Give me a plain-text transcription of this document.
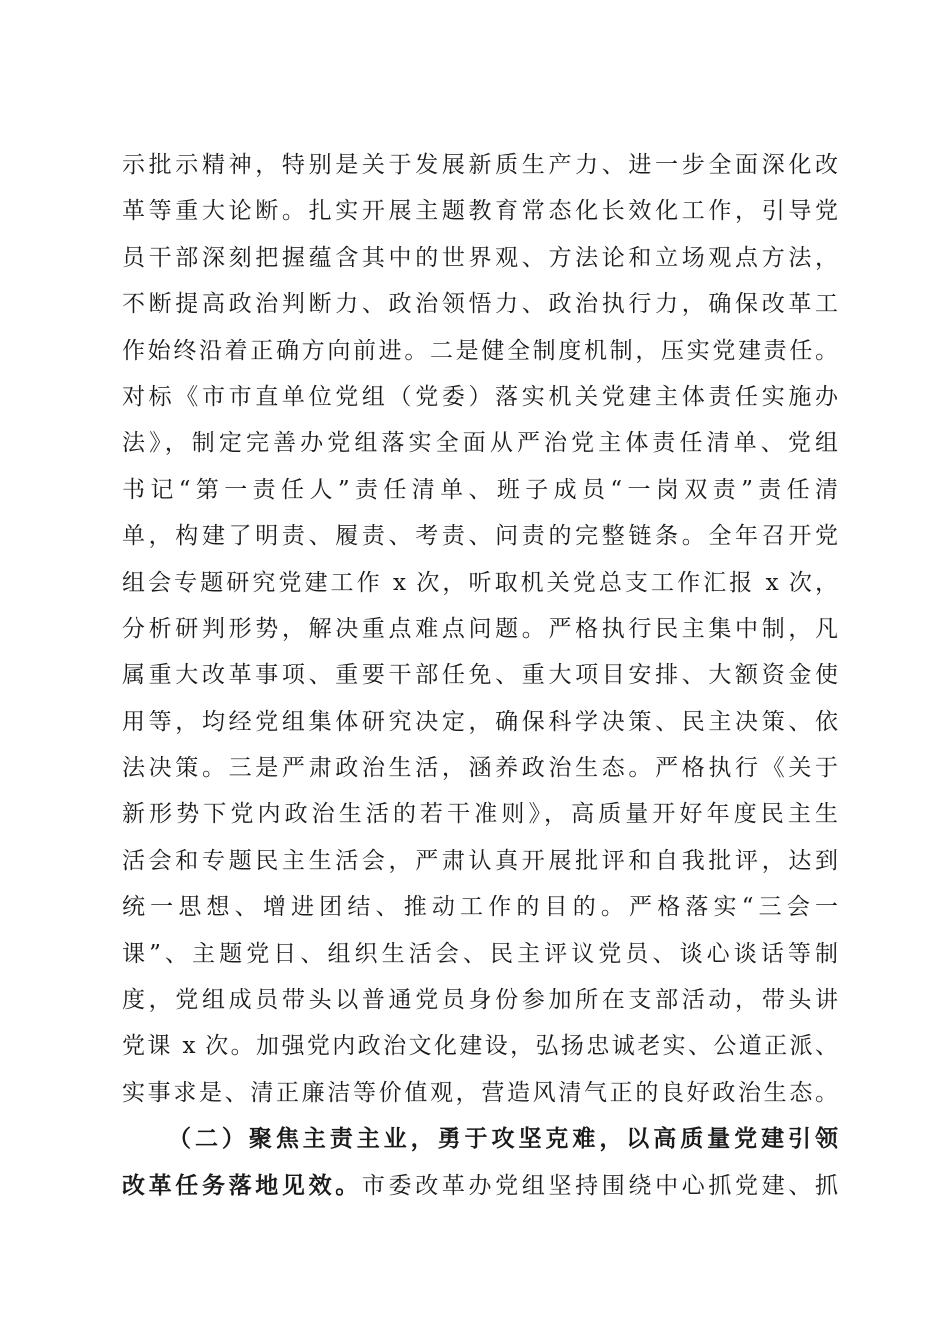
示批示精神，特别是关于发展新质生产力、进一步全面深化改
革等重大论断。扎实开展主题教育常态化长效化工作，引导党
员干部深刻把握蕴含其中的世界观、方法论和立场观点方法，
不断提高政治判断力、政治领悟力、政治执行力，确保改革工
作始终沿着正确方向前进。二是健全制度机制，压实党建责任。
对标《市市直单位党组（党委）落实机关党建主体责任实施办
法》，制定完善办党组落实全面从严治党主体责任清单、党组
书记“第一责任人”责任清单、班子成员“一岗双责”责任清
单，构建了明责、履责、考责、问责的完整链条。全年召开党
组会专题研究党建工作 x 次，听取机关党总支工作汇报 x 次，
分析研判形势，解决重点难点问题。严格执行民主集中制，凡
属重大改革事项、重要干部任免、重大项目安排、大额资金使
用等，均经党组集体研究决定，确保科学决策、民主决策、依
法决策。三是严肃政治生活，涵养政治生态。严格执行《关于
新形势下党内政治生活的若干准则》，高质量开好年度民主生
活会和专题民主生活会，严肃认真开展批评和自我批评，达到
统一思想、增进团结、推动工作的目的。严格落实“三会一
课”、主题党日、组织生活会、民主评议党员、谈心谈话等制
度，党组成员带头以普通党员身份参加所在支部活动，带头讲
党课 x 次。加强党内政治文化建设，弘扬忠诚老实、公道正派、
实事求是、清正廉洁等价值观，营造风清气正的良好政治生态。
（二）聚焦主责主业，勇于攻坚克难，以高质量党建引领
改革任务落地见效。市委改革办党组坚持围绕中心抓党建、抓
